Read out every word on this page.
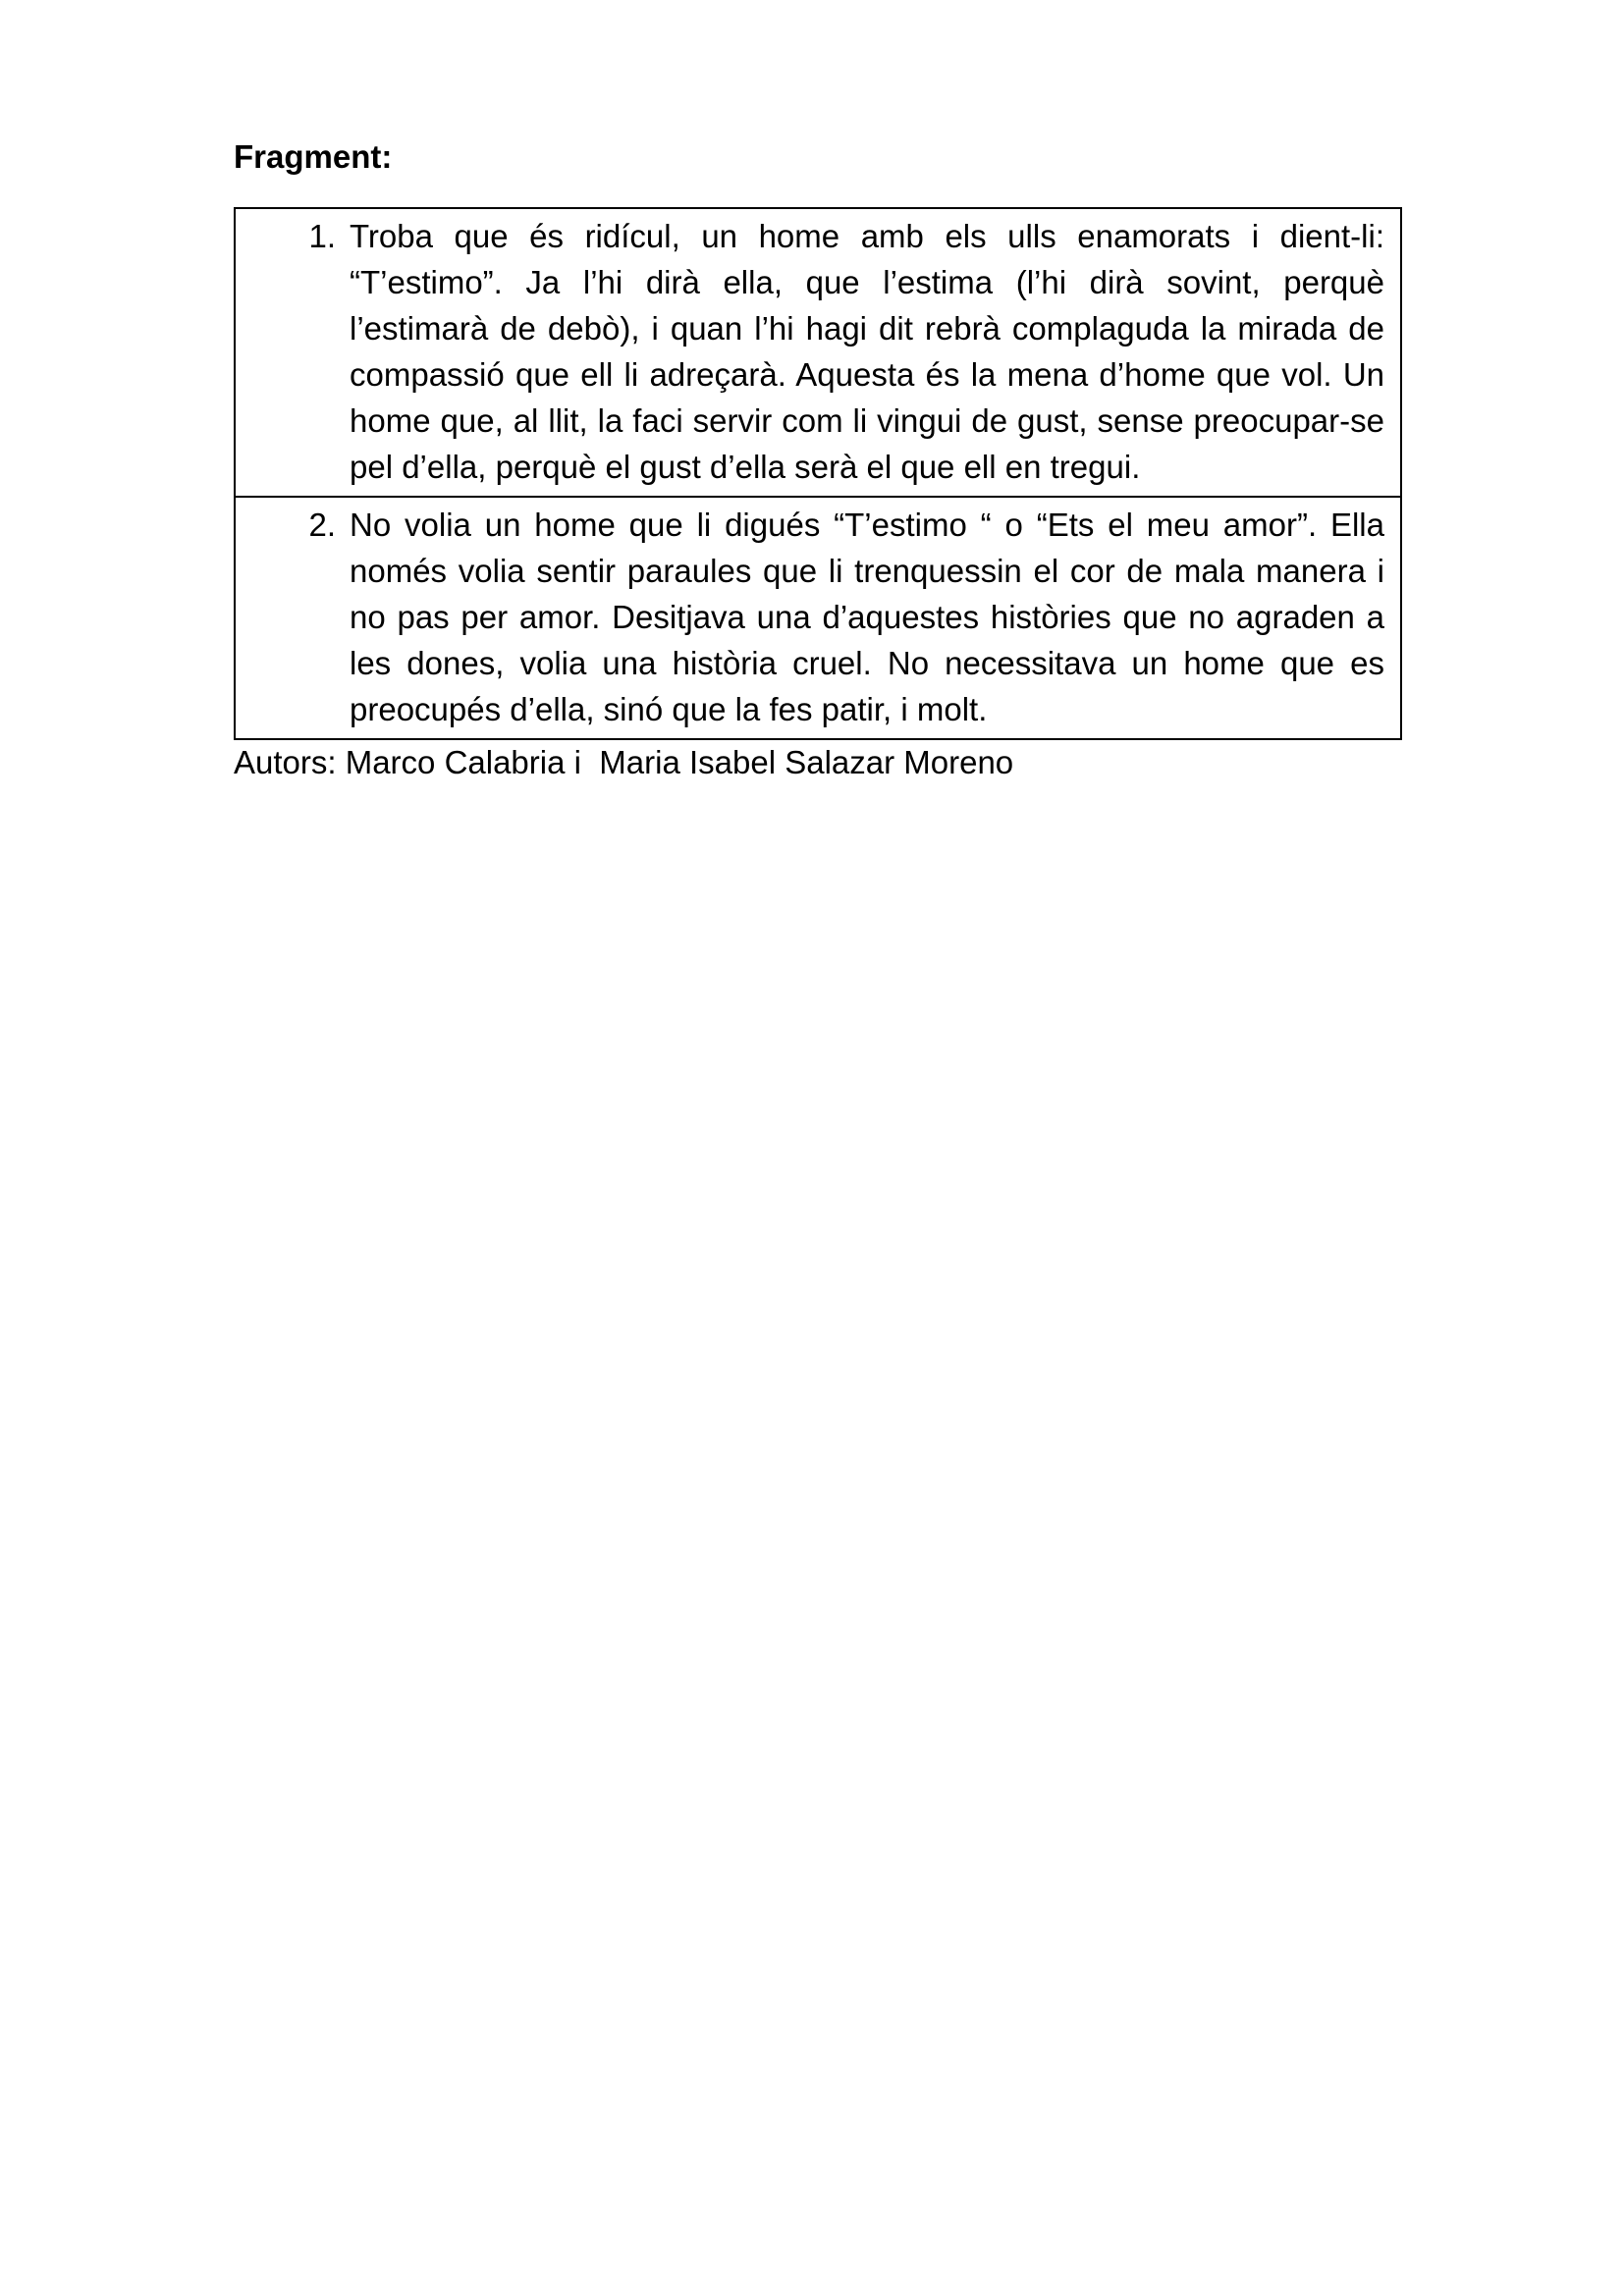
Fragment:
1. Troba que és ridícul, un home amb els ulls enamorats i dient-li: “T’estimo”. Ja l’hi dirà ella, que l’estima (l’hi dirà sovint, perquè l’estimarà de debò), i quan l’hi hagi dit rebrà complaguda la mirada de compassió que ell li adreçarà. Aquesta és la mena d’home que vol. Un home que, al llit, la faci servir com li vingui de gust, sense preocupar-se pel d’ella, perquè el gust d’ella serà el que ell en tregui.

2. No volia un home que li digués “T’estimo “ o “Ets el meu amor”. Ella només volia sentir paraules que li trenquessin el cor de mala manera i no pas per amor. Desitjava una d’aquestes històries que no agraden a les dones, volia una història cruel. No necessitava un home que es preocupés d’ella, sinó que la fes patir, i molt.
Autors: Marco Calabria i  Maria Isabel Salazar Moreno
